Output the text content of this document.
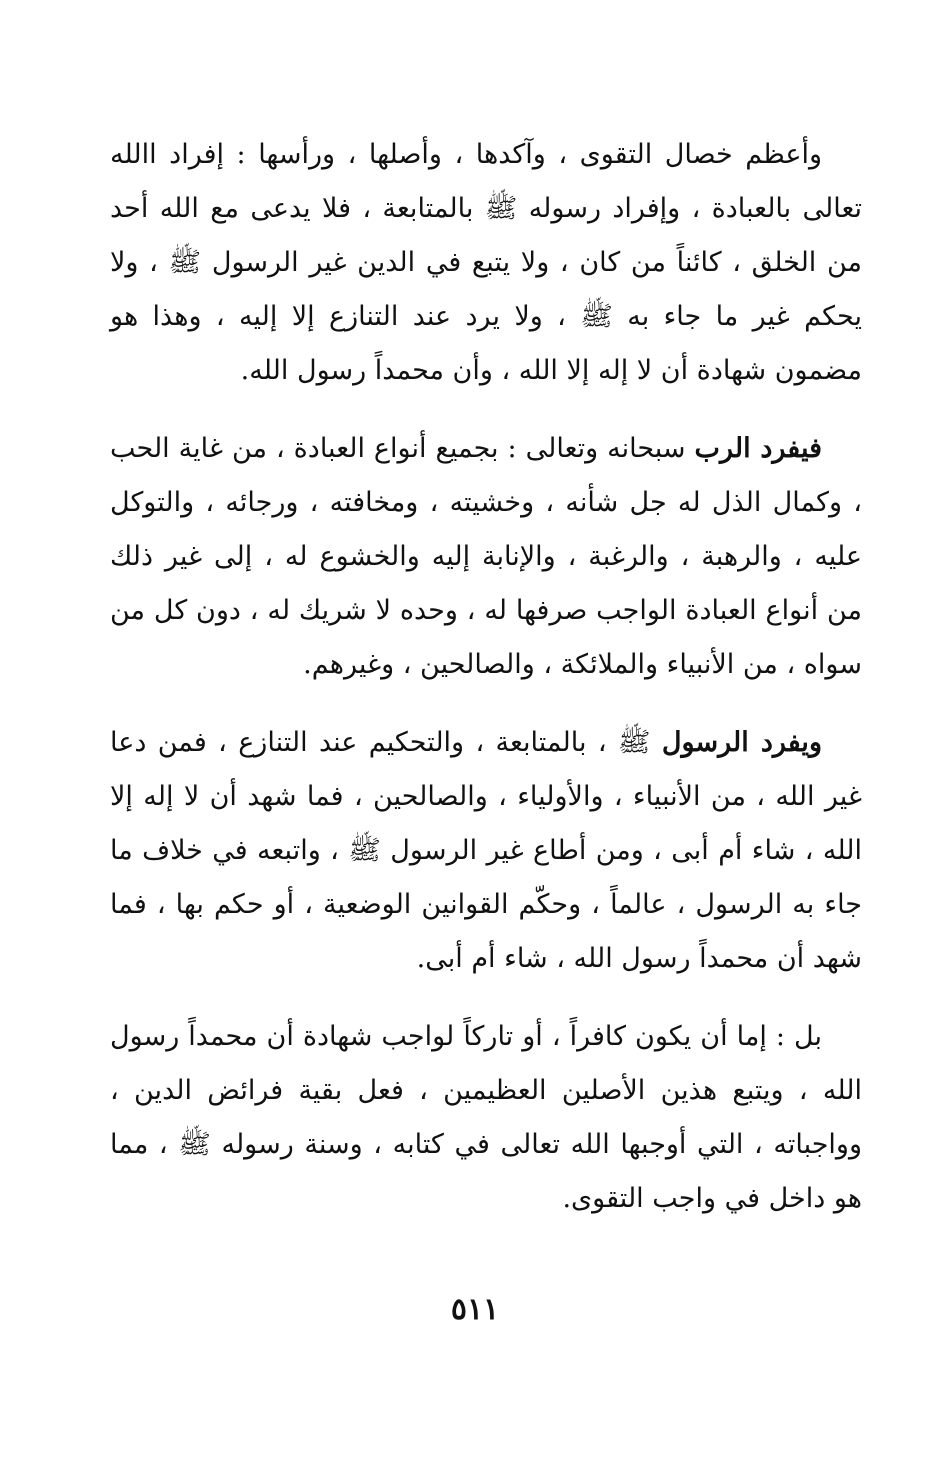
وأعظم خصال التقوى ، وآكدها ، وأصلها ، ورأسها : إفراد االله تعالى بالعبادة ، وإفراد رسوله ﷺ بالمتابعة ، فلا يدعى مع الله أحد من الخلق ، كائناً من كان ، ولا يتبع في الدين غير الرسول ﷺ ، ولا يحكم غير ما جاء به ﷺ ، ولا يرد عند التنازع إلا إليه ، وهذا هو مضمون شهادة أن لا إله إلا الله ، وأن محمداً رسول الله.

فيفرد الرب سبحانه وتعالى : بجميع أنواع العبادة ، من غاية الحب ، وكمال الذل له جل شأنه ، وخشيته ، ومخافته ، ورجائه ، والتوكل عليه ، والرهبة ، والرغبة ، والإنابة إليه والخشوع له ، إلى غير ذلك من أنواع العبادة الواجب صرفها له ، وحده لا شريك له ، دون كل من سواه ، من الأنبياء والملائكة ، والصالحين ، وغيرهم.

ويفرد الرسول ﷺ ، بالمتابعة ، والتحكيم عند التنازع ، فمن دعا غير الله ، من الأنبياء ، والأولياء ، والصالحين ، فما شهد أن لا إله إلا الله ، شاء أم أبى ، ومن أطاع غير الرسول ﷺ ، واتبعه في خلاف ما جاء به الرسول ، عالماً ، وحكّم القوانين الوضعية ، أو حكم بها ، فما شهد أن محمداً رسول الله ، شاء أم أبى.

بل : إما أن يكون كافراً ، أو تاركاً لواجب شهادة أن محمداً رسول الله ، ويتبع هذين الأصلين العظيمين ، فعل بقية فرائض الدين ، وواجباته ، التي أوجبها الله تعالى في كتابه ، وسنة رسوله ﷺ ، مما هو داخل في واجب التقوى.

٥١١
